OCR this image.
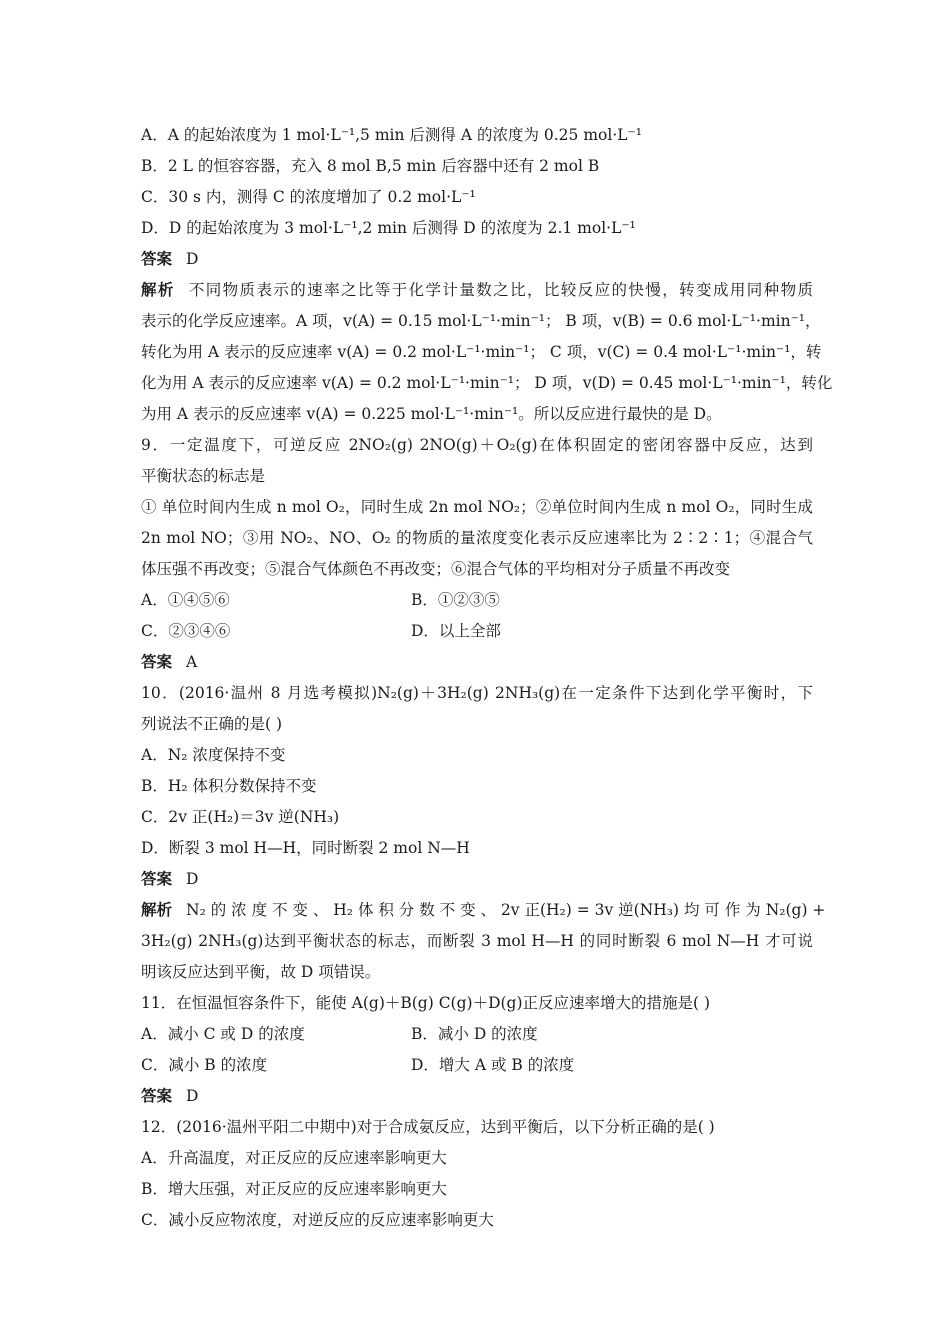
A．A 的起始浓度为 1 mol·L⁻¹,5 min 后测得 A 的浓度为 0.25 mol·L⁻¹
B．2 L 的恒容容器，充入 8 mol B,5 min 后容器中还有 2 mol B
C．30 s 内，测得 C 的浓度增加了 0.2 mol·L⁻¹
D．D 的起始浓度为 3 mol·L⁻¹,2 min 后测得 D 的浓度为 2.1 mol·L⁻¹
答案 D
解析 不同物质表示的速率之比等于化学计量数之比，比较反应的快慢，转变成用同种物质
表示的化学反应速率。A 项，v(A) = 0.15 mol·L⁻¹·min⁻¹； B 项，v(B) = 0.6 mol·L⁻¹·min⁻¹，
转化为用 A 表示的反应速率 v(A) = 0.2 mol·L⁻¹·min⁻¹； C 项，v(C) = 0.4 mol·L⁻¹·min⁻¹，转
化为用 A 表示的反应速率 v(A) = 0.2 mol·L⁻¹·min⁻¹； D 项，v(D) = 0.45 mol·L⁻¹·min⁻¹，转化
为用 A 表示的反应速率 v(A) = 0.225 mol·L⁻¹·min⁻¹。所以反应进行最快的是 D。
9．一定温度下，可逆反应 2NO₂(g) 2NO(g)＋O₂(g)在体积固定的密闭容器中反应，达到
平衡状态的标志是
① 单位时间内生成 n mol O₂，同时生成 2n mol NO₂；②单位时间内生成 n mol O₂，同时生成
2n mol NO；③用 NO₂、NO、O₂ 的物质的量浓度变化表示反应速率比为 2∶2∶1；④混合气
体压强不再改变；⑤混合气体颜色不再改变；⑥混合气体的平均相对分子质量不再改变
A．①④⑤⑥	B．①②③⑤
C．②③④⑥	D．以上全部
答案 A
10．(2016·温州 8 月选考模拟)N₂(g)＋3H₂(g) 2NH₃(g)在一定条件下达到化学平衡时，下
列说法不正确的是( )
A．N₂ 浓度保持不变
B．H₂ 体积分数保持不变
C．2v 正(H₂)＝3v 逆(NH₃)
D．断裂 3 mol H—H，同时断裂 2 mol N—H
答案 D
解析 N₂ 的 浓 度 不 变 、 H₂ 体 积 分 数 不 变 、 2v 正(H₂) = 3v 逆(NH₃) 均 可 作 为 N₂(g) +
3H₂(g) 2NH₃(g)达到平衡状态的标志，而断裂 3 mol H—H 的同时断裂 6 mol N—H 才可说
明该反应达到平衡，故 D 项错误。
11．在恒温恒容条件下，能使 A(g)＋B(g) C(g)＋D(g)正反应速率增大的措施是( )
A．减小 C 或 D 的浓度	B．减小 D 的浓度
C．减小 B 的浓度	D．增大 A 或 B 的浓度
答案 D
12．(2016·温州平阳二中期中)对于合成氨反应，达到平衡后，以下分析正确的是( )
A．升高温度，对正反应的反应速率影响更大
B．增大压强，对正反应的反应速率影响更大
C．减小反应物浓度，对逆反应的反应速率影响更大
